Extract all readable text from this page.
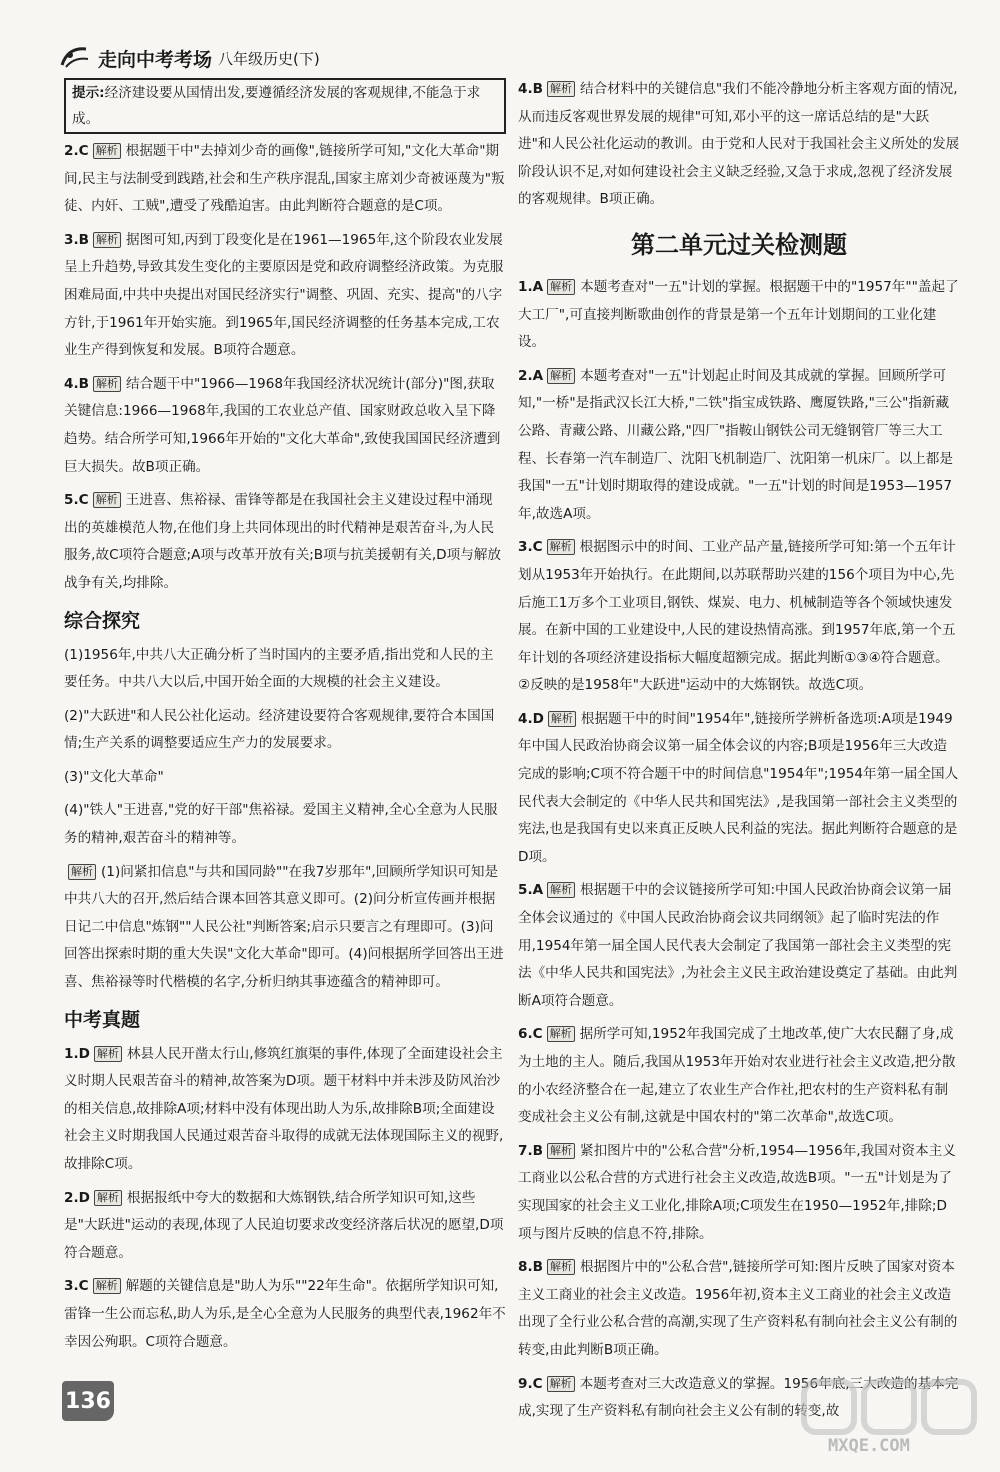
走向中考考场 八年级历史(下)
提示:经济建设要从国情出发,要遵循经济发展的客观规律,不能急于求成。
2.C 解析 根据题干中"去掉刘少奇的画像",链接所学可知,"文化大革命"期间,民主与法制受到践踏,社会和生产秩序混乱,国家主席刘少奇被诬蔑为"叛徒、内奸、工贼",遭受了残酷迫害。由此判断符合题意的是C项。
3.B 解析 据图可知,丙到丁段变化是在1961—1965年,这个阶段农业发展呈上升趋势,导致其发生变化的主要原因是党和政府调整经济政策。为克服困难局面,中共中央提出对国民经济实行"调整、巩固、充实、提高"的八字方针,于1961年开始实施。到1965年,国民经济调整的任务基本完成,工农业生产得到恢复和发展。B项符合题意。
4.B 解析 结合题干中"1966—1968年我国经济状况统计(部分)"图,获取关键信息:1966—1968年,我国的工农业总产值、国家财政总收入呈下降趋势。结合所学可知,1966年开始的"文化大革命",致使我国国民经济遭到巨大损失。故B项正确。
5.C 解析 王进喜、焦裕禄、雷锋等都是在我国社会主义建设过程中涌现出的英雄模范人物,在他们身上共同体现出的时代精神是艰苦奋斗,为人民服务,故C项符合题意;A项与改革开放有关;B项与抗美援朝有关,D项与解放战争有关,均排除。
综合探究
(1)1956年,中共八大正确分析了当时国内的主要矛盾,指出党和人民的主要任务。中共八大以后,中国开始全面的大规模的社会主义建设。
(2)"大跃进"和人民公社化运动。经济建设要符合客观规律,要符合本国国情;生产关系的调整要适应生产力的发展要求。
(3)"文化大革命"
(4)"铁人"王进喜,"党的好干部"焦裕禄。爱国主义精神,全心全意为人民服务的精神,艰苦奋斗的精神等。
解析 (1)问紧扣信息"与共和国同龄""在我7岁那年",回顾所学知识可知是中共八大的召开,然后结合课本回答其意义即可。(2)问分析宣传画并根据日记二中信息"炼钢""人民公社"判断答案;启示只要言之有理即可。(3)问回答出探索时期的重大失误"文化大革命"即可。(4)问根据所学回答出王进喜、焦裕禄等时代楷模的名字,分析归纳其事迹蕴含的精神即可。
中考真题
1.D 解析 林县人民开凿太行山,修筑红旗渠的事件,体现了全面建设社会主义时期人民艰苦奋斗的精神,故答案为D项。题干材料中并未涉及防风治沙的相关信息,故排除A项;材料中没有体现出助人为乐,故排除B项;全面建设社会主义时期我国人民通过艰苦奋斗取得的成就无法体现国际主义的视野,故排除C项。
2.D 解析 根据报纸中夸大的数据和大炼钢铁,结合所学知识可知,这些是"大跃进"运动的表现,体现了人民迫切要求改变经济落后状况的愿望,D项符合题意。
3.C 解析 解题的关键信息是"助人为乐""22年生命"。依据所学知识可知,雷锋一生公而忘私,助人为乐,是全心全意为人民服务的典型代表,1962年不幸因公殉职。C项符合题意。
4.B 解析 结合材料中的关键信息"我们不能冷静地分析主客观方面的情况,从而违反客观世界发展的规律"可知,邓小平的这一席话总结的是"大跃进"和人民公社化运动的教训。由于党和人民对于我国社会主义所处的发展阶段认识不足,对如何建设社会主义缺乏经验,又急于求成,忽视了经济发展的客观规律。B项正确。
第二单元过关检测题
1.A 解析 本题考查对"一五"计划的掌握。根据题干中的"1957年""盖起了大工厂",可直接判断歌曲创作的背景是第一个五年计划期间的工业化建设。
2.A 解析 本题考查对"一五"计划起止时间及其成就的掌握。回顾所学可知,"一桥"是指武汉长江大桥,"二铁"指宝成铁路、鹰厦铁路,"三公"指新藏公路、青藏公路、川藏公路,"四厂"指鞍山钢铁公司无缝钢管厂等三大工程、长春第一汽车制造厂、沈阳飞机制造厂、沈阳第一机床厂。以上都是我国"一五"计划时期取得的建设成就。"一五"计划的时间是1953—1957年,故选A项。
3.C 解析 根据图示中的时间、工业产品产量,链接所学可知:第一个五年计划从1953年开始执行。在此期间,以苏联帮助兴建的156个项目为中心,先后施工1万多个工业项目,钢铁、煤炭、电力、机械制造等各个领域快速发展。在新中国的工业建设中,人民的建设热情高涨。到1957年底,第一个五年计划的各项经济建设指标大幅度超额完成。据此判断①③④符合题意。②反映的是1958年"大跃进"运动中的大炼钢铁。故选C项。
4.D 解析 根据题干中的时间"1954年",链接所学辨析备选项:A项是1949年中国人民政治协商会议第一届全体会议的内容;B项是1956年三大改造完成的影响;C项不符合题干中的时间信息"1954年";1954年第一届全国人民代表大会制定的《中华人民共和国宪法》,是我国第一部社会主义类型的宪法,也是我国有史以来真正反映人民利益的宪法。据此判断符合题意的是D项。
5.A 解析 根据题干中的会议链接所学可知:中国人民政治协商会议第一届全体会议通过的《中国人民政治协商会议共同纲领》起了临时宪法的作用,1954年第一届全国人民代表大会制定了我国第一部社会主义类型的宪法《中华人民共和国宪法》,为社会主义民主政治建设奠定了基础。由此判断A项符合题意。
6.C 解析 据所学可知,1952年我国完成了土地改革,使广大农民翻了身,成为土地的主人。随后,我国从1953年开始对农业进行社会主义改造,把分散的小农经济整合在一起,建立了农业生产合作社,把农村的生产资料私有制变成社会主义公有制,这就是中国农村的"第二次革命",故选C项。
7.B 解析 紧扣图片中的"公私合营"分析,1954—1956年,我国对资本主义工商业以公私合营的方式进行社会主义改造,故选B项。"一五"计划是为了实现国家的社会主义工业化,排除A项;C项发生在1950—1952年,排除;D项与图片反映的信息不符,排除。
8.B 解析 根据图片中的"公私合营",链接所学可知:图片反映了国家对资本主义工商业的社会主义改造。1956年初,资本主义工商业的社会主义改造出现了全行业公私合营的高潮,实现了生产资料私有制向社会主义公有制的转变,由此判断B项正确。
9.C 解析 本题考查对三大改造意义的掌握。1956年底,三大改造的基本完成,实现了生产资料私有制向社会主义公有制的转变,故
136
MXQE.COM
